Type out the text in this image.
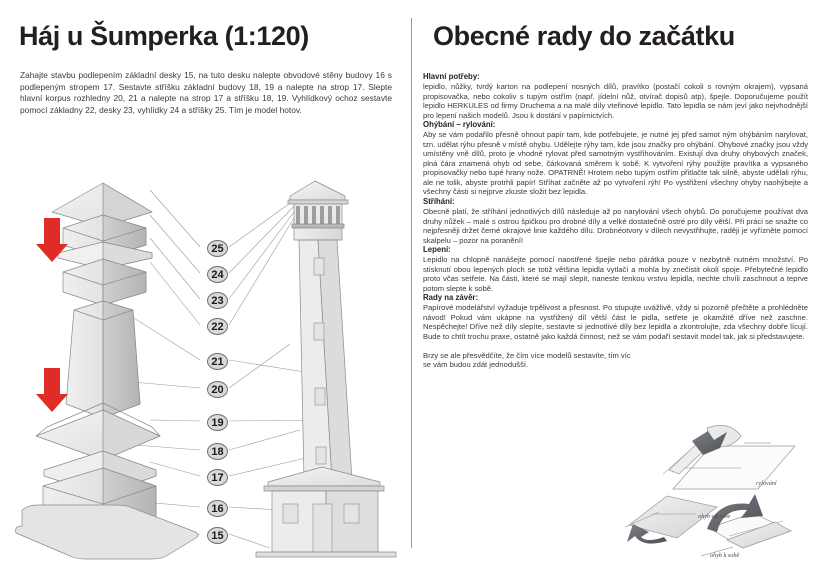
Háj u Šumperka (1:120)
Zahajte stavbu podlepením základní desky 15, na tuto desku nalepte obvodové stěny budovy 16 s podlepeným stropem 17. Sestavte stříšku základní budovy 18, 19 a nalepte na strop 17. Slepte hlavní korpus rozhledny 20, 21 a nalepte na strop 17 a stříšku 18, 19. Vyhlídkový ochoz sestavte pomocí základny 22, desky 23, vyhlídky 24 a stříšky 25. Tím je model hotov.
25
24
23
22
21
20
19
18
17
16
15
Obecné rady do začátku
Hlavní potřeby:
lepidlo, nůžky, tvrdý karton na podlepení nosných dílů, pravítko (postačí cokoli s rovným okrajem), vypsaná propisovačka, nebo cokoliv s tupým ostřím (např. jídelní nůž, otvírač dopisů atp), špejle. Doporučujeme použít lepidlo HERKULES od firmy Druchema a na malé díly vteřinové lepidlo. Tato lepidla se nám jeví jako nejvhodnější pro lepení našich modelů. Jsou k dostání v papírnictvích.
Ohýbání – rylování:
Aby se vám podařilo přesně ohnout papír tam, kde potřebujete, je nutné jej před samot ným ohýbáním narylovat, tzn. udělat rýhu přesně v místě ohybu. Udělejte rýhy tam, kde jsou značky pro ohýbání. Ohybové značky jsou vždy umístěny vně dílů, proto je vhodné rylovat před samotným vystřihováním. Existují dva druhy ohybových značek, plná čára znamená ohyb od sebe, čárkovaná směrem k sobě. K vytvoření rýhy použijte pravítka a vypsaného propisovačky nebo tupé hrany nože. OPATRNĚ! Hrotem nebo tupým ostřím přitlačte tak silně, abyste udělali rýhu, ale ne tolik, abyste protrhli papír! Stříhat začněte až po vytvoření rýh! Po vystřižení všechny ohyby naohýbejte a všechny části si nejprve zkuste složit bez lepidla.
Stříhání:
Obecně platí, že stříhání jednotlivých dílů následuje až po narylování všech ohybů. Do poručujeme používat dva druhy nůžek – malé s ostrou špičkou pro drobné díly a velké dostatečně ostré pro díly větší. Při práci se snažte co nejpřesněji držet černé okrajové linie každého dílu. Drobnéotvory v dílech nevystřihujte, raději je vyřízněte pomocí skalpelu – pozor na poranění!
Lepení:
Lepidlo na chlopně nanášejte pomocí naostřené špejle nebo párátka pouze v nezbytně nutném množství. Po stisknutí obou lepených ploch se totiž většina lepidla vytlačí a mohla by znečistit okolí spoje. Přebytečné lepidlo proto včas setřete. Na části, které se mají slepit, naneste tenkou vrstvu lepidla, nechte chvíli zaschnout a teprve potom slepte k sobě.
Rady na závěr:
Papírové modelářství vyžaduje trpělivost a přesnost. Po stupujte uvážlivě, vždy si pozorně přečtěte a prohlédněte návod! Pokud vám ukápne na vystřižený díl větší část le pidla, setřete je okamžitě dříve než zaschne. Nespěchejte! Dříve než díly slepíte, sestavte si jednotlivé díly bez lepidla a zkontrolujte, zda všechny dobře lícují. Bude to chtít trochu praxe, ostatně jako každá činnost, než se vám podaří sestavit model tak, jak si představujete.
Brzy se ale přesvědčíte, že čím více modelů sestavíte, tím víc se vám budou zdát jednodušší.
rylování
ohyb od sebe
ohyb k sobě
